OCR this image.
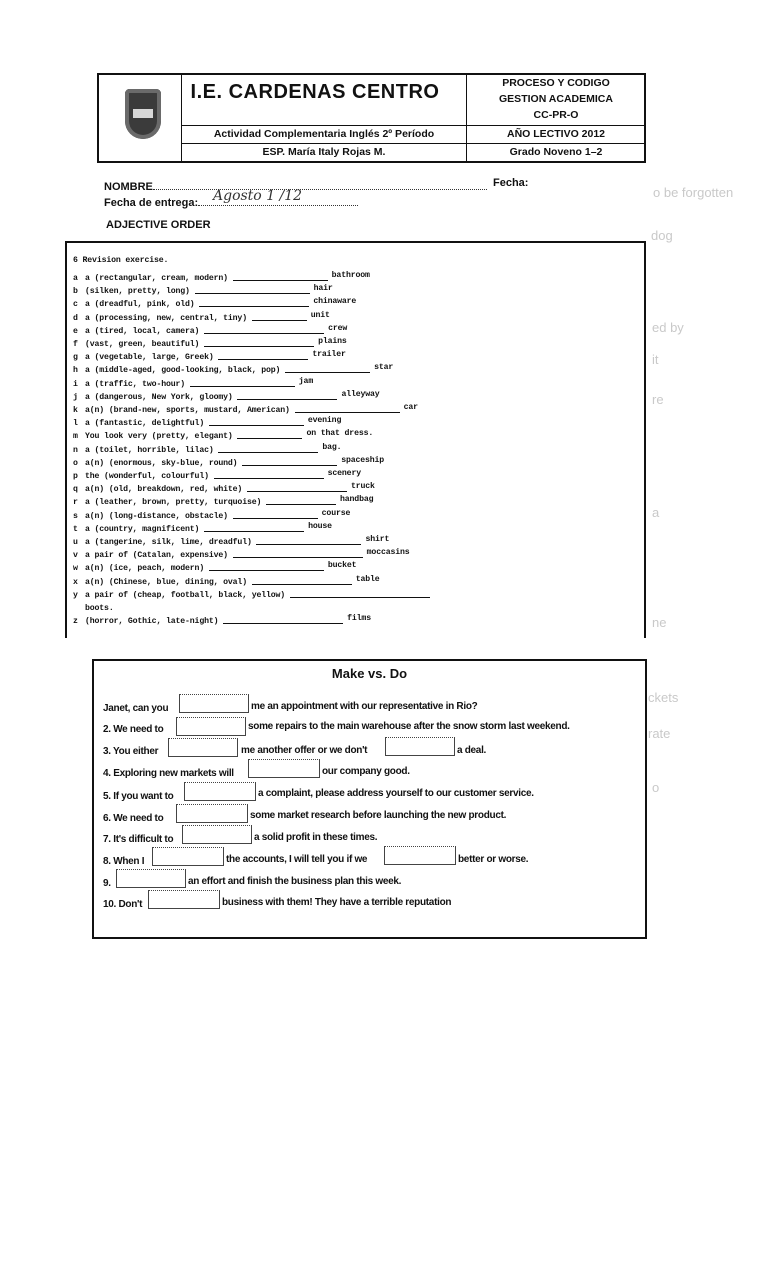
o be forgotten
dog
ed by
it
re
a
ne
ckets
rate
o
I.E. CARDENAS CENTRO
Actividad Complementaria Inglés 2º Período
ESP. María Italy Rojas M.
PROCESO Y CODIGO
GESTION ACADEMICA
CC-PR-O
AÑO LECTIVO 2012
Grado Noveno 1–2
NOMBRE	Fecha:
Fecha de entrega:	Agosto 1 /12
ADJECTIVE ORDER
6 Revision exercise.
a a (rectangular, cream, modern)	bathroom
b (silken, pretty, long)	hair
c a (dreadful, pink, old)	chinaware
d a (processing, new, central, tiny)	unit
e a (tired, local, camera)	crew
f (vast, green, beautiful)	plains
g a (vegetable, large, Greek)	trailer
h a (middle-aged, good-looking, black, pop)	star
i a (traffic, two-hour)	jam
j a (dangerous, New York, gloomy)	alleyway
k a(n) (brand-new, sports, mustard, American)	car
l a (fantastic, delightful)	evening
m You look very (pretty, elegant)	on that dress.
n a (toilet, horrible, lilac)	bag.
o a(n) (enormous, sky-blue, round)	spaceship
p the (wonderful, colourful)	scenery
q a(n) (old, breakdown, red, white)	truck
r a (leather, brown, pretty, turquoise)	handbag
s a(n) (long-distance, obstacle)	course
t a (country, magnificent)	house
u a (tangerine, silk, lime, dreadful)	shirt
v a pair of (Catalan, expensive)	moccasins
w a(n) (ice, peach, modern)	bucket
x a(n) (Chinese, blue, dining, oval)	table
y a pair of (cheap, football, black, yellow)
boots.
z (horror, Gothic, late-night)	films
Make vs. Do
Janet, can you	me an appointment with our representative in Rio?
2. We need to	some repairs to the main warehouse after the snow storm last weekend.
3. You either	me another offer or we don't	a deal.
4. Exploring new markets will	our company good.
5. If you want to	a complaint, please address yourself to our customer service.
6. We need to	some market research before launching the new product.
7. It's difficult to	a solid profit in these times.
8. When I	the accounts, I will tell you if we	better or worse.
9.	an effort and finish the business plan this week.
10. Don't	business with them! They have a terrible reputation
